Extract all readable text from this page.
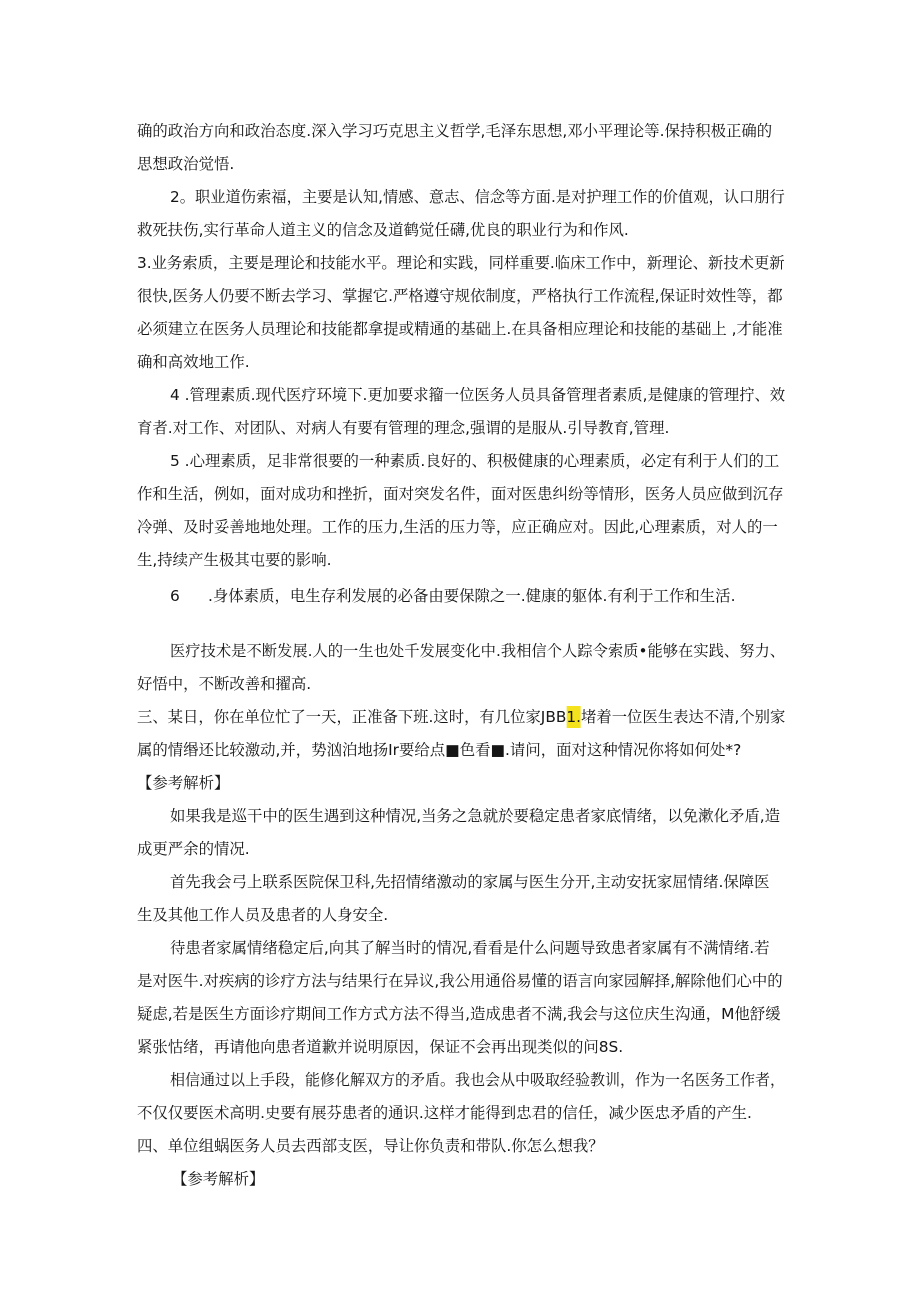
确的政治方向和政治态度.深入学习巧克思主义哲学,毛泽东思想,邓小平理论等.保持积极正确的
思想政治觉悟.
2。职业道伤索福，主要是认知,情感、意志、信念等方面.是对护理工作的价值观，认口朋行
救死扶伤,实行革命人道主义的信念及道鹤觉任礴,优良的职业行为和作风.
3.业务索质，主要是理论和技能水平。理论和实践，同样重要.临床工作中，新理论、新技术更新
很快,医务人仍要不断去学习、掌握它.严格遵守规依制度，严格执行工作流程,保证时效性等，都
必须建立在医务人员理论和技能都拿提或精通的基础上.在具备相应理论和技能的基础上 ,才能准
确和高效地工作.
4 .管理素质.现代医疗环境下.更加要求籀一位医务人员具备管理者素质,是健康的管理拧、效
育者.对工作、对团队、对病人有要有管理的理念,强谓的是服从.引导教育,管理.
5 .心理素质，足非常很要的一种素质.良好的、积极健康的心理素质，必定有利于人们的工
作和生活，例如，面对成功和挫折，面对突发名件，面对医患纠纷等情形，医务人员应做到沉存
冷弹、及时妥善地地处理。工作的压力,生活的压力等，应正确应对。因此,心理素质，对人的一
生,持续产生极其屯要的影响.
6 .身体素质，电生存利发展的必备由要保隙之一.健康的躯体.有利于工作和生活.
医疗技术是不断发展.人的一生也处千发展变化中.我相信个人踪令索质•能够在实践、努力、
好悟中，不断改善和擢高.
三、某日，你在单位忙了一天，正准备下班.这时，有几位家JBB1.堵着一位医生表达不清,个别家
属的情缗还比较激动,并，势汹泊地扬Ir要给点■色看■.请问，面对这种情况你将如何处*?
【参考解析】
如果我是巡干中的医生遇到这种情况,当务之急就於要稳定患者家底情绪，以免漱化矛盾,造
成更严余的情况.
首先我会弓上联系医院保卫科,先招情绪激动的家属与医生分开,主动安抚家屈情绪.保障医
生及其他工作人员及患者的人身安全.
待患者家属情绪稳定后,向其了解当时的情况,看看是什么问题导致患者家属有不满情绪.若
是对医牛.对疾病的诊疗方法与结果行在异议,我公用通俗易懂的语言向家园解择,解除他们心中的
疑虑,若是医生方面诊疗期间工作方式方法不得当,造成患者不满,我会与这位庆生沟通，M他舒缓
紧张怙绪，再请他向患者道歉并说明原因，保证不会再出现类似的问8S.
相信通过以上手段，能修化解双方的矛盾。我也会从中吸取经验教训，作为一名医务工作者，
不仅仅要医术高明.史要有展芬患者的通识.这样才能得到忠君的信任，减少医忠矛盾的产生.
四、单位组蜗医务人员去西部支医，导让你负责和带队.你怎么想我？
【参考解析】
